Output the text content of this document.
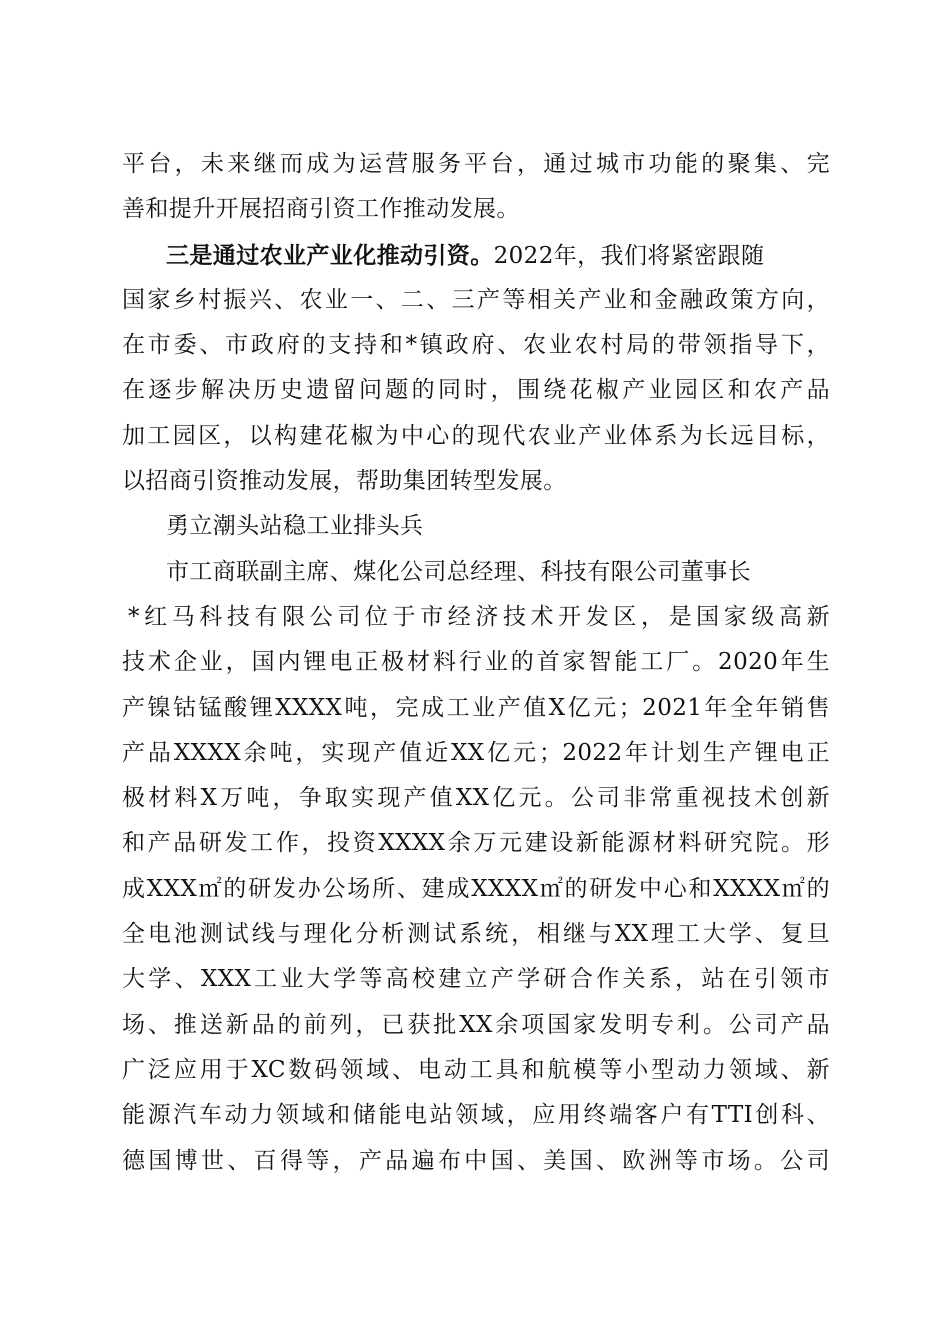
平台，未来继而成为运营服务平台，通过城市功能的聚集、完
善和提升开展招商引资工作推动发展。
三是通过农业产业化推动引资。2022年，我们将紧密跟随
国家乡村振兴、农业一、二、三产等相关产业和金融政策方向，
在市委、市政府的支持和*镇政府、农业农村局的带领指导下，
在逐步解决历史遗留问题的同时，围绕花椒产业园区和农产品
加工园区，以构建花椒为中心的现代农业产业体系为长远目标，
以招商引资推动发展，帮助集团转型发展。
勇立潮头站稳工业排头兵
市工商联副主席、煤化公司总经理、科技有限公司董事长
*红马科技有限公司位于市经济技术开发区，是国家级高新
技术企业，国内锂电正极材料行业的首家智能工厂。2020年生
产镍钴锰酸锂XXXX吨，完成工业产值X亿元；2021年全年销售
产品XXXX余吨，实现产值近XX亿元；2022年计划生产锂电正
极材料X万吨，争取实现产值XX亿元。公司非常重视技术创新
和产品研发工作，投资XXXX余万元建设新能源材料研究院。形
成XXX㎡的研发办公场所、建成XXXX㎡的研发中心和XXXX㎡的
全电池测试线与理化分析测试系统，相继与XX理工大学、复旦
大学、XXX工业大学等高校建立产学研合作关系，站在引领市
场、推送新品的前列，已获批XX余项国家发明专利。公司产品
广泛应用于XC数码领域、电动工具和航模等小型动力领域、新
能源汽车动力领域和储能电站领域，应用终端客户有TTI创科、
德国博世、百得等，产品遍布中国、美国、欧洲等市场。公司
